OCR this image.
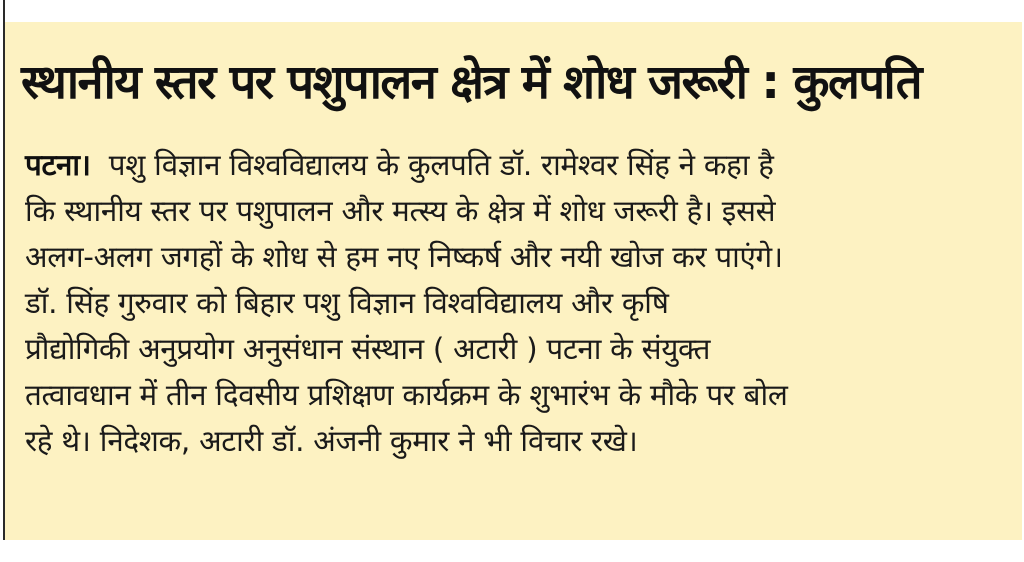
स्थानीय स्तर पर पशुपालन क्षेत्र में शोध जरूरी : कुलपति
पटना। पशु विज्ञान विश्वविद्यालय के कुलपति डॉ. रामेश्वर सिंह ने कहा है
कि स्थानीय स्तर पर पशुपालन और मत्स्य के क्षेत्र में शोध जरूरी है। इससे
अलग-अलग जगहों के शोध से हम नए निष्कर्ष और नयी खोज कर पाएंगे।
डॉ. सिंह गुरुवार को बिहार पशु विज्ञान विश्वविद्यालय और कृषि
प्रौद्योगिकी अनुप्रयोग अनुसंधान संस्थान ( अटारी ) पटना के संयुक्त
तत्वावधान में तीन दिवसीय प्रशिक्षण कार्यक्रम के शुभारंभ के मौके पर बोल
रहे थे। निदेशक, अटारी डॉ. अंजनी कुमार ने भी विचार रखे।
